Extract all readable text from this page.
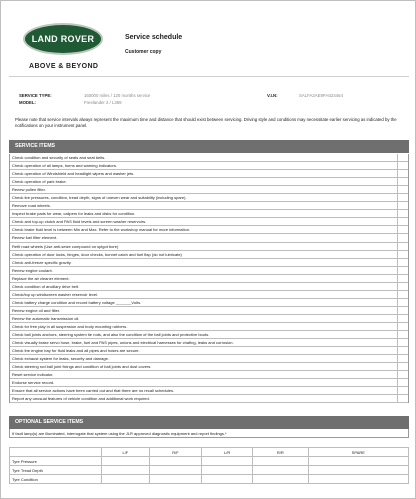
LAND
ROVER
ABOVE & BEYOND
Service schedule
Customer copy
SERVICE TYPE:	160000 miles / 120 months service
MODEL:	Freelander 2 / L359
V.I.N:	SALFA2AE9FH424464
Please note that service intervals always represent the maximum time and distance that should exist between servicing. Driving style and conditions may necessitate earlier servicing as indicated by the notifications on your instrument panel.
SERVICE ITEMS
Check condition and security of seats and seat belts.
Check operation of all lamps, horns and warning indicators.
Check operation of Windshield and headlight wipers and washer jets.
Check operation of park brake.
Renew pollen filter.
Check tire pressures, condition, tread depth, signs of uneven wear and suitability (including spare).
Remove road wheels.
Inspect brake pads for wear, calipers for leaks and disks for condition.
Check and top-up clutch and PAS fluid levels and screen washer reservoirs.
Check brake fluid level is between Min and Max. Refer to the workshop manual for more information.
Renew fuel filter element.
Refit road wheels (Use anti-seize compound on spigot bore)
Check operation of door locks, hinges, door checks, bonnet catch and fuel flap (do not lubricate)
Check anti-freeze specific gravity.
Renew engine coolant.
Replace the air cleaner element.
Check condition of ancillary drive belt.
Check/top up windscreen washer reservoir level.
Check battery charge condition and record battery voltage _______Volts.
Renew engine oil and filter.
Renew the automatic transmission oil.
Check for free play in all suspension and body mounting rubbers.
Check ball joints anchors, steering system tie rods, and also the condition of the ball joints and protective boots.
Check visually brake servo hose, brake, fuel and PAS pipes, unions and electrical harnesses for chafing, leaks and corrosion.
Check the engine bay for fluid leaks and all pipes and hoses are secure.
Check exhaust system for leaks, security and damage.
Check steering rod ball joint fixings and condition of ball joints and dust covers.
Reset service indicator.
Endorse service record.
Ensure that all service actions have been carried out and that there are no recall schedules.
Report any unusual features of vehicle condition and additional work required.
OPTIONAL SERVICE ITEMS
If fault lamp(s) are illuminated, interrogate that system using the JLR approved diagnostic equipment and report findings.*
	L/F	R/F	L/R	R/R	SPARE
Tyre Pressure					
Tyre Tread Depth					
Tyre Condition					
